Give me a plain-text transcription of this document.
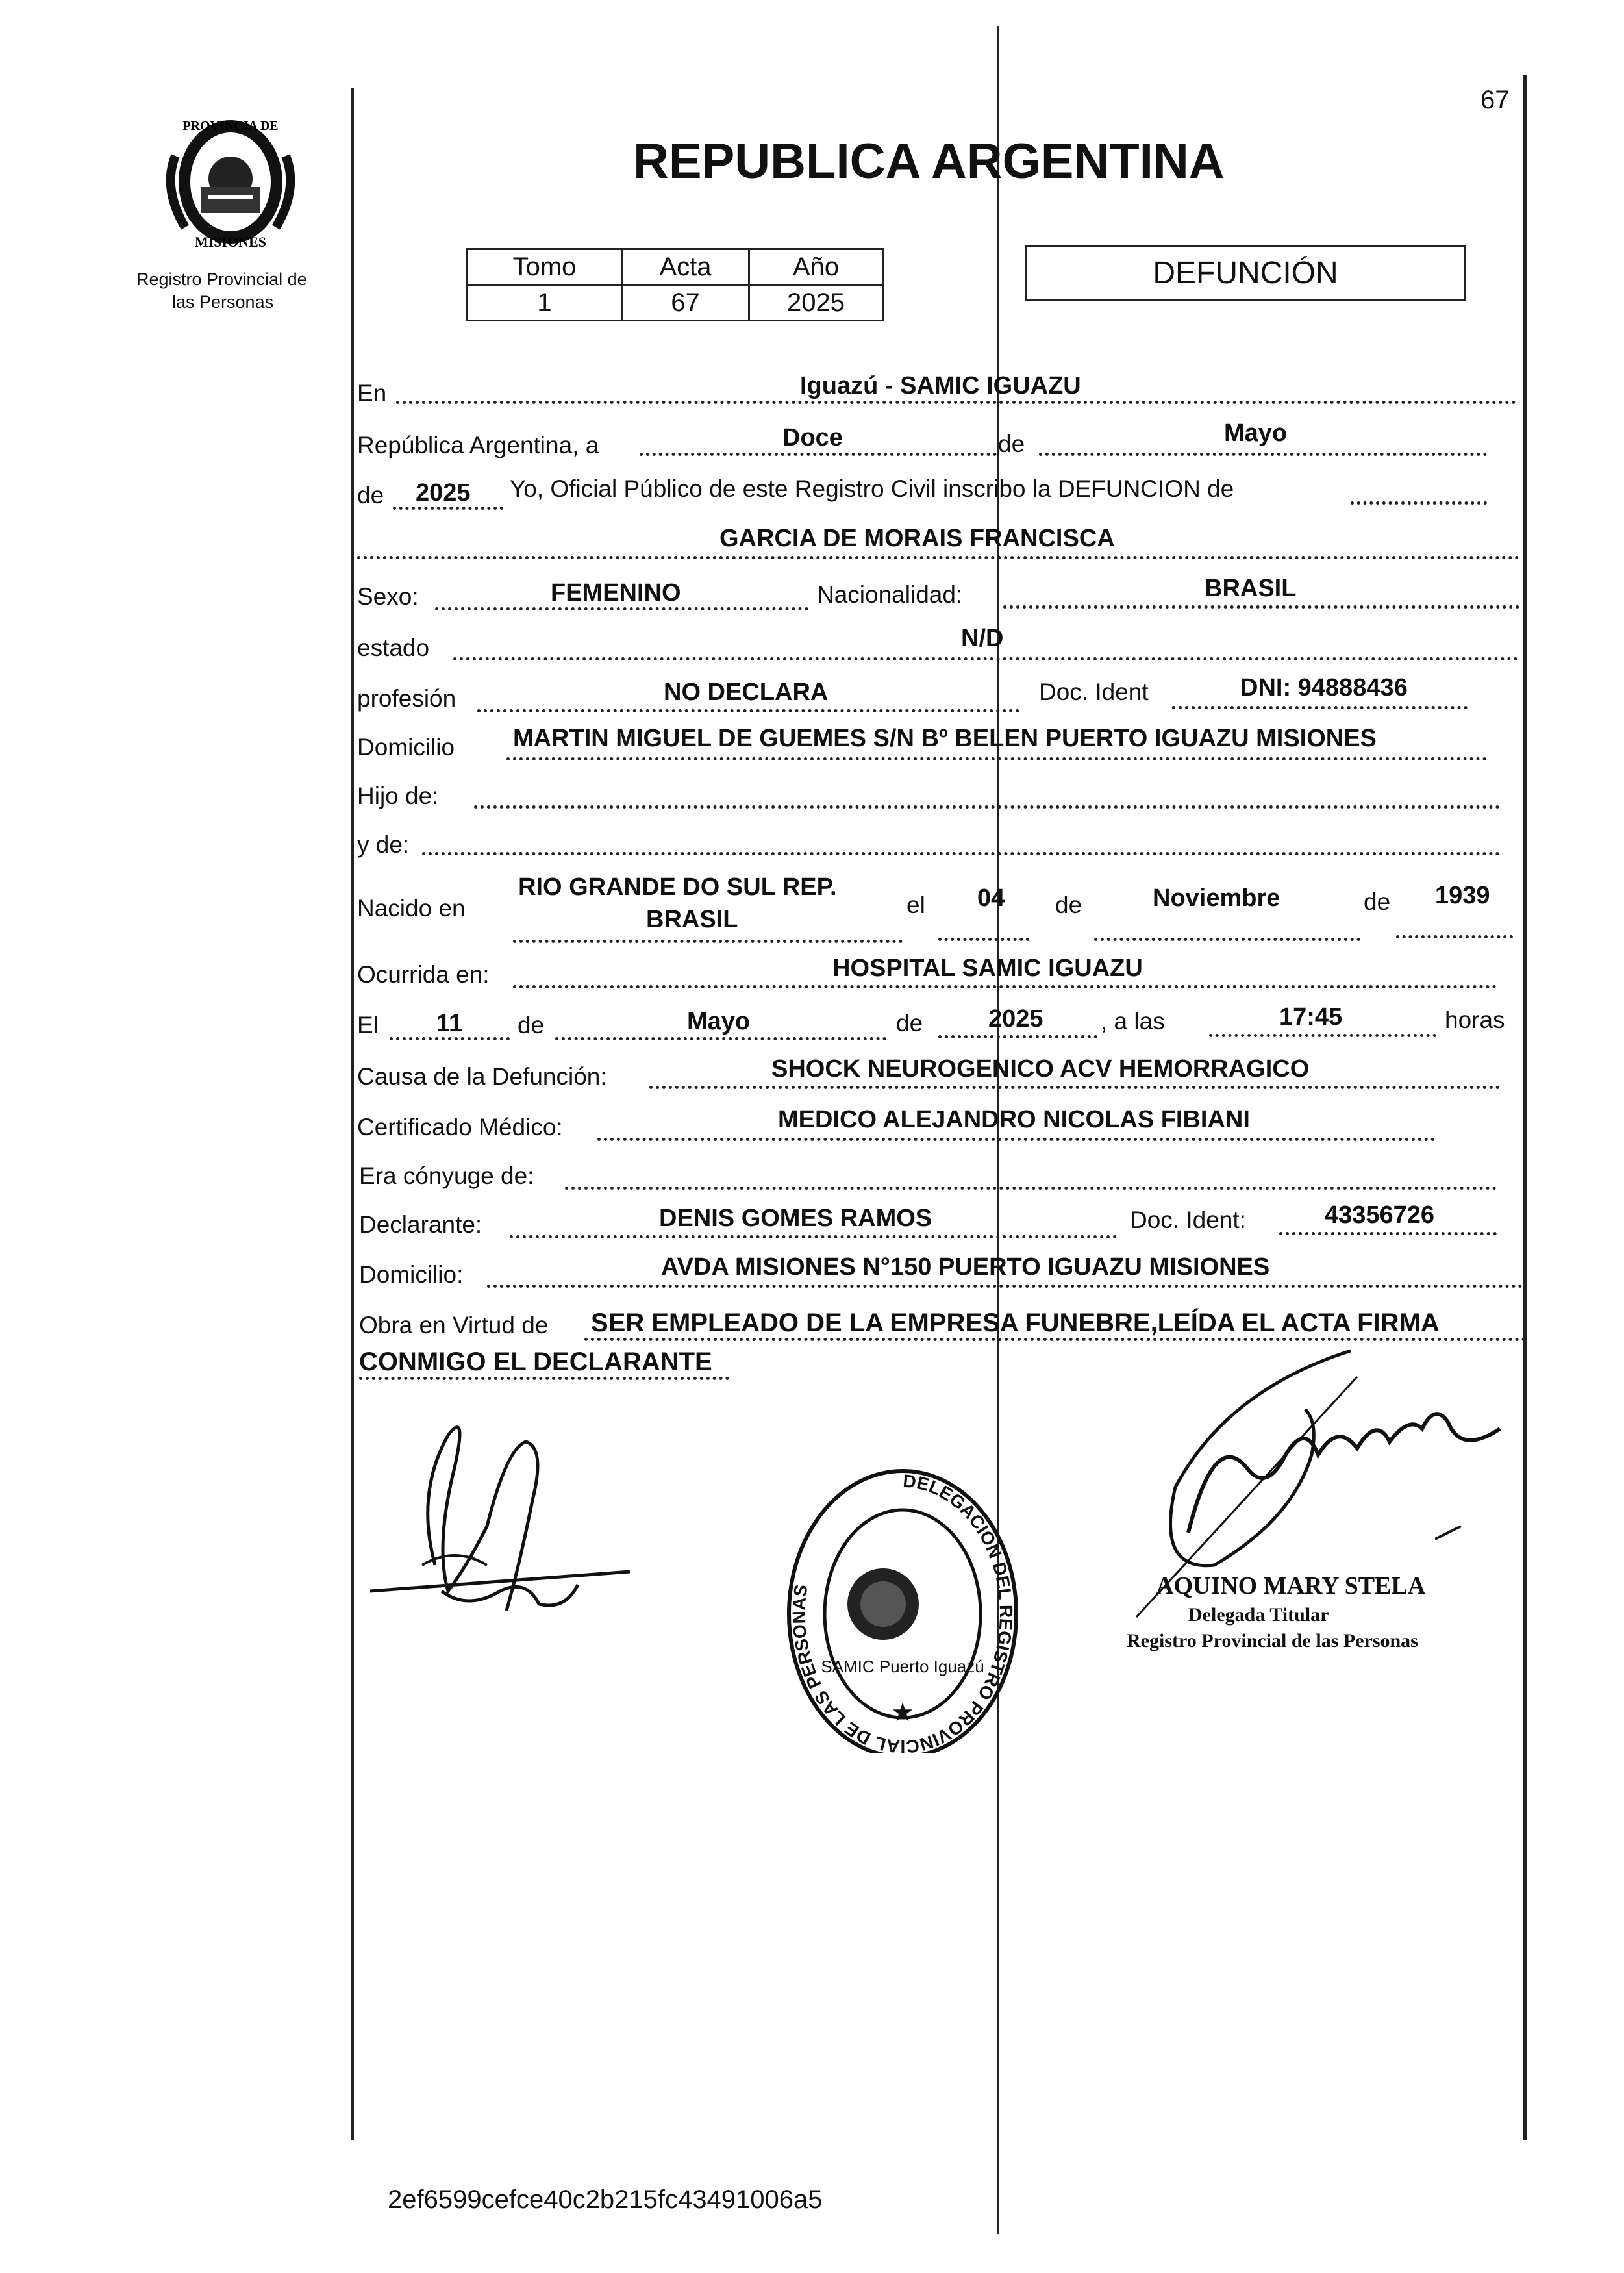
67
PROVINCIA DE
MISIONES
Registro Provincial de
las Personas
REPUBLICA ARGENTINA
Tomo	Acta	Año
1	67	2025
DEFUNCIÓN
En	Iguazú - SAMIC IGUAZU
República Argentina, a	Doce	de	Mayo
de 2025 Yo, Oficial Público de este Registro Civil inscribo la DEFUNCION de
GARCIA DE MORAIS FRANCISCA
Sexo:	FEMENINO	Nacionalidad:	BRASIL
estado	N/D
profesión	NO DECLARA	Doc. Ident	DNI: 94888436
Domicilio MARTIN MIGUEL DE GUEMES S/N Bº BELEN PUERTO IGUAZU MISIONES
Hijo de:
y de:
Nacido en
RIO GRANDE DO SUL REP.
BRASIL
el 04 de	Noviembre	de 1939
Ocurrida en:	HOSPITAL SAMIC IGUAZU
El 11 de	Mayo	de	2025 , a las	17:45	horas
Causa de la Defunción:	SHOCK NEUROGENICO ACV HEMORRAGICO
Certificado Médico:	MEDICO ALEJANDRO NICOLAS FIBIANI
Era cónyuge de:
Declarante:	DENIS GOMES RAMOS	Doc. Ident:	43356726
Domicilio:	AVDA MISIONES N°150 PUERTO IGUAZU MISIONES
Obra en Virtud de SER EMPLEADO DE LA EMPRESA FUNEBRE,LEÍDA EL ACTA FIRMA
CONMIGO EL DECLARANTE
DELEGACION DEL REGISTRO PROVINCIAL DE LAS PERSONAS
SAMIC Puerto Iguazú
★
AQUINO MARY STELA
Delegada Titular
Registro Provincial de las Personas
2ef6599cefce40c2b215fc43491006a5
